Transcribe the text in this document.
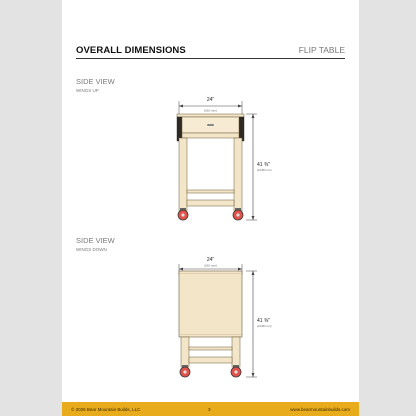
OVERALL DIMENSIONS	FLIP TABLE
SIDE VIEW
WINGS UP
SIDE VIEW
WINGS DOWN
24"
(610 mm)
41 ⅜"
(1048 mm)
24"
(610 mm)
41 ⅜"
(1048 mm)
© 2026 Bear Mountain Builds, LLC	3	www.bearmountainbuilds.com
